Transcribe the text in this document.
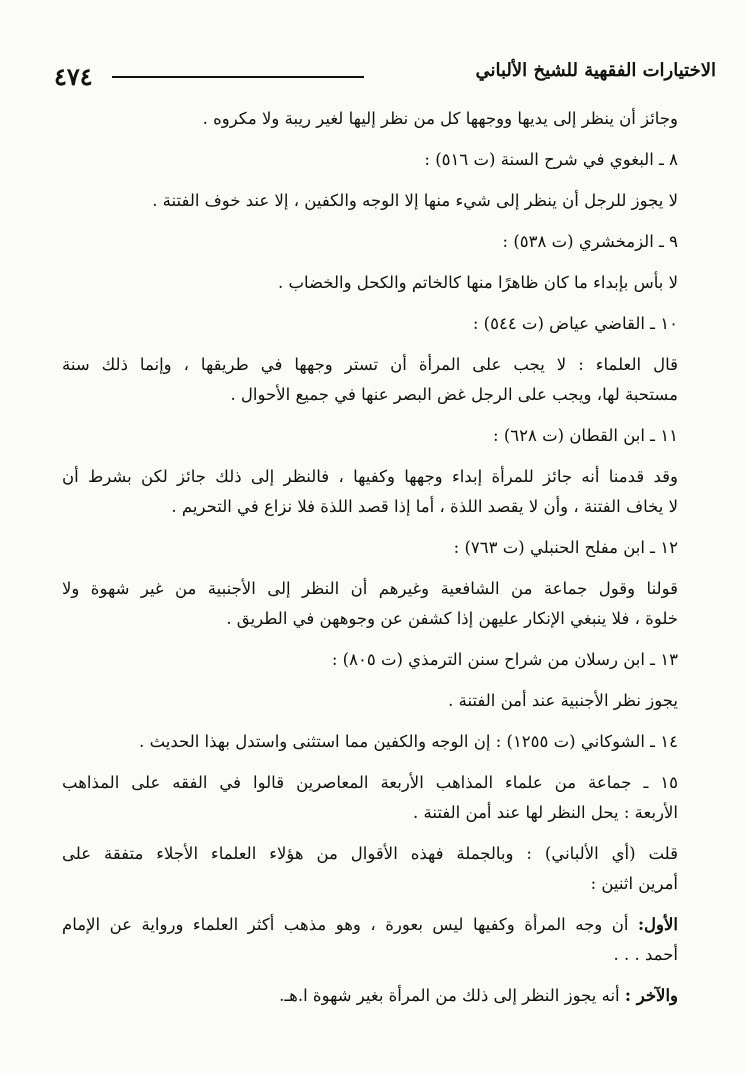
٤٧٤	الاختيارات الفقهية للشيخ الألباني
وجائز أن ينظر إلى يديها ووجهها كل من نظر إليها لغير ريبة ولا مكروه .
٨ ـ البغوي في شرح السنة (ت ٥١٦) :
لا يجوز للرجل أن ينظر إلى شيء منها إلا الوجه والكفين ، إلا عند خوف الفتنة .
٩ ـ الزمخشري (ت ٥٣٨) :
لا بأس بإبداء ما كان ظاهرًا منها كالخاتم والكحل والخضاب .
١٠ ـ القاضي عياض (ت ٥٤٤) :
قال العلماء : لا يجب على المرأة أن تستر وجهها في طريقها ، وإنما ذلك سنة
مستحبة لها، ويجب على الرجل غض البصر عنها في جميع الأحوال .
١١ ـ ابن القطان (ت ٦٢٨) :
وقد قدمنا أنه جائز للمرأة إبداء وجهها وكفيها ، فالنظر إلى ذلك جائز لكن بشرط أن
لا يخاف الفتنة ، وأن لا يقصد اللذة ، أما إذا قصد اللذة فلا نزاع في التحريم .
١٢ ـ ابن مفلح الحنبلي (ت ٧٦٣) :
قولنا وقول جماعة من الشافعية وغيرهم أن النظر إلى الأجنبية من غير شهوة ولا
خلوة ، فلا ينبغي الإنكار عليهن إذا كشفن عن وجوههن في الطريق .
١٣ ـ ابن رسلان من شراح سنن الترمذي (ت ٨٠٥) :
يجوز نظر الأجنبية عند أمن الفتنة .
١٤ ـ الشوكاني (ت ١٢٥٥) : إن الوجه والكفين مما استثنى واستدل بهذا الحديث .
١٥ ـ جماعة من علماء المذاهب الأربعة المعاصرين قالوا في الفقه على المذاهب
الأربعة : يحل النظر لها عند أمن الفتنة .
قلت (أي الألباني) : وبالجملة فهذه الأقوال من هؤلاء العلماء الأجلاء متفقة على
أمرين اثنين :
الأول: أن وجه المرأة وكفيها ليس بعورة ، وهو مذهب أكثر العلماء ورواية عن الإمام
أحمد . . .
والآخر : أنه يجوز النظر إلى ذلك من المرأة بغير شهوة ا.هـ.
